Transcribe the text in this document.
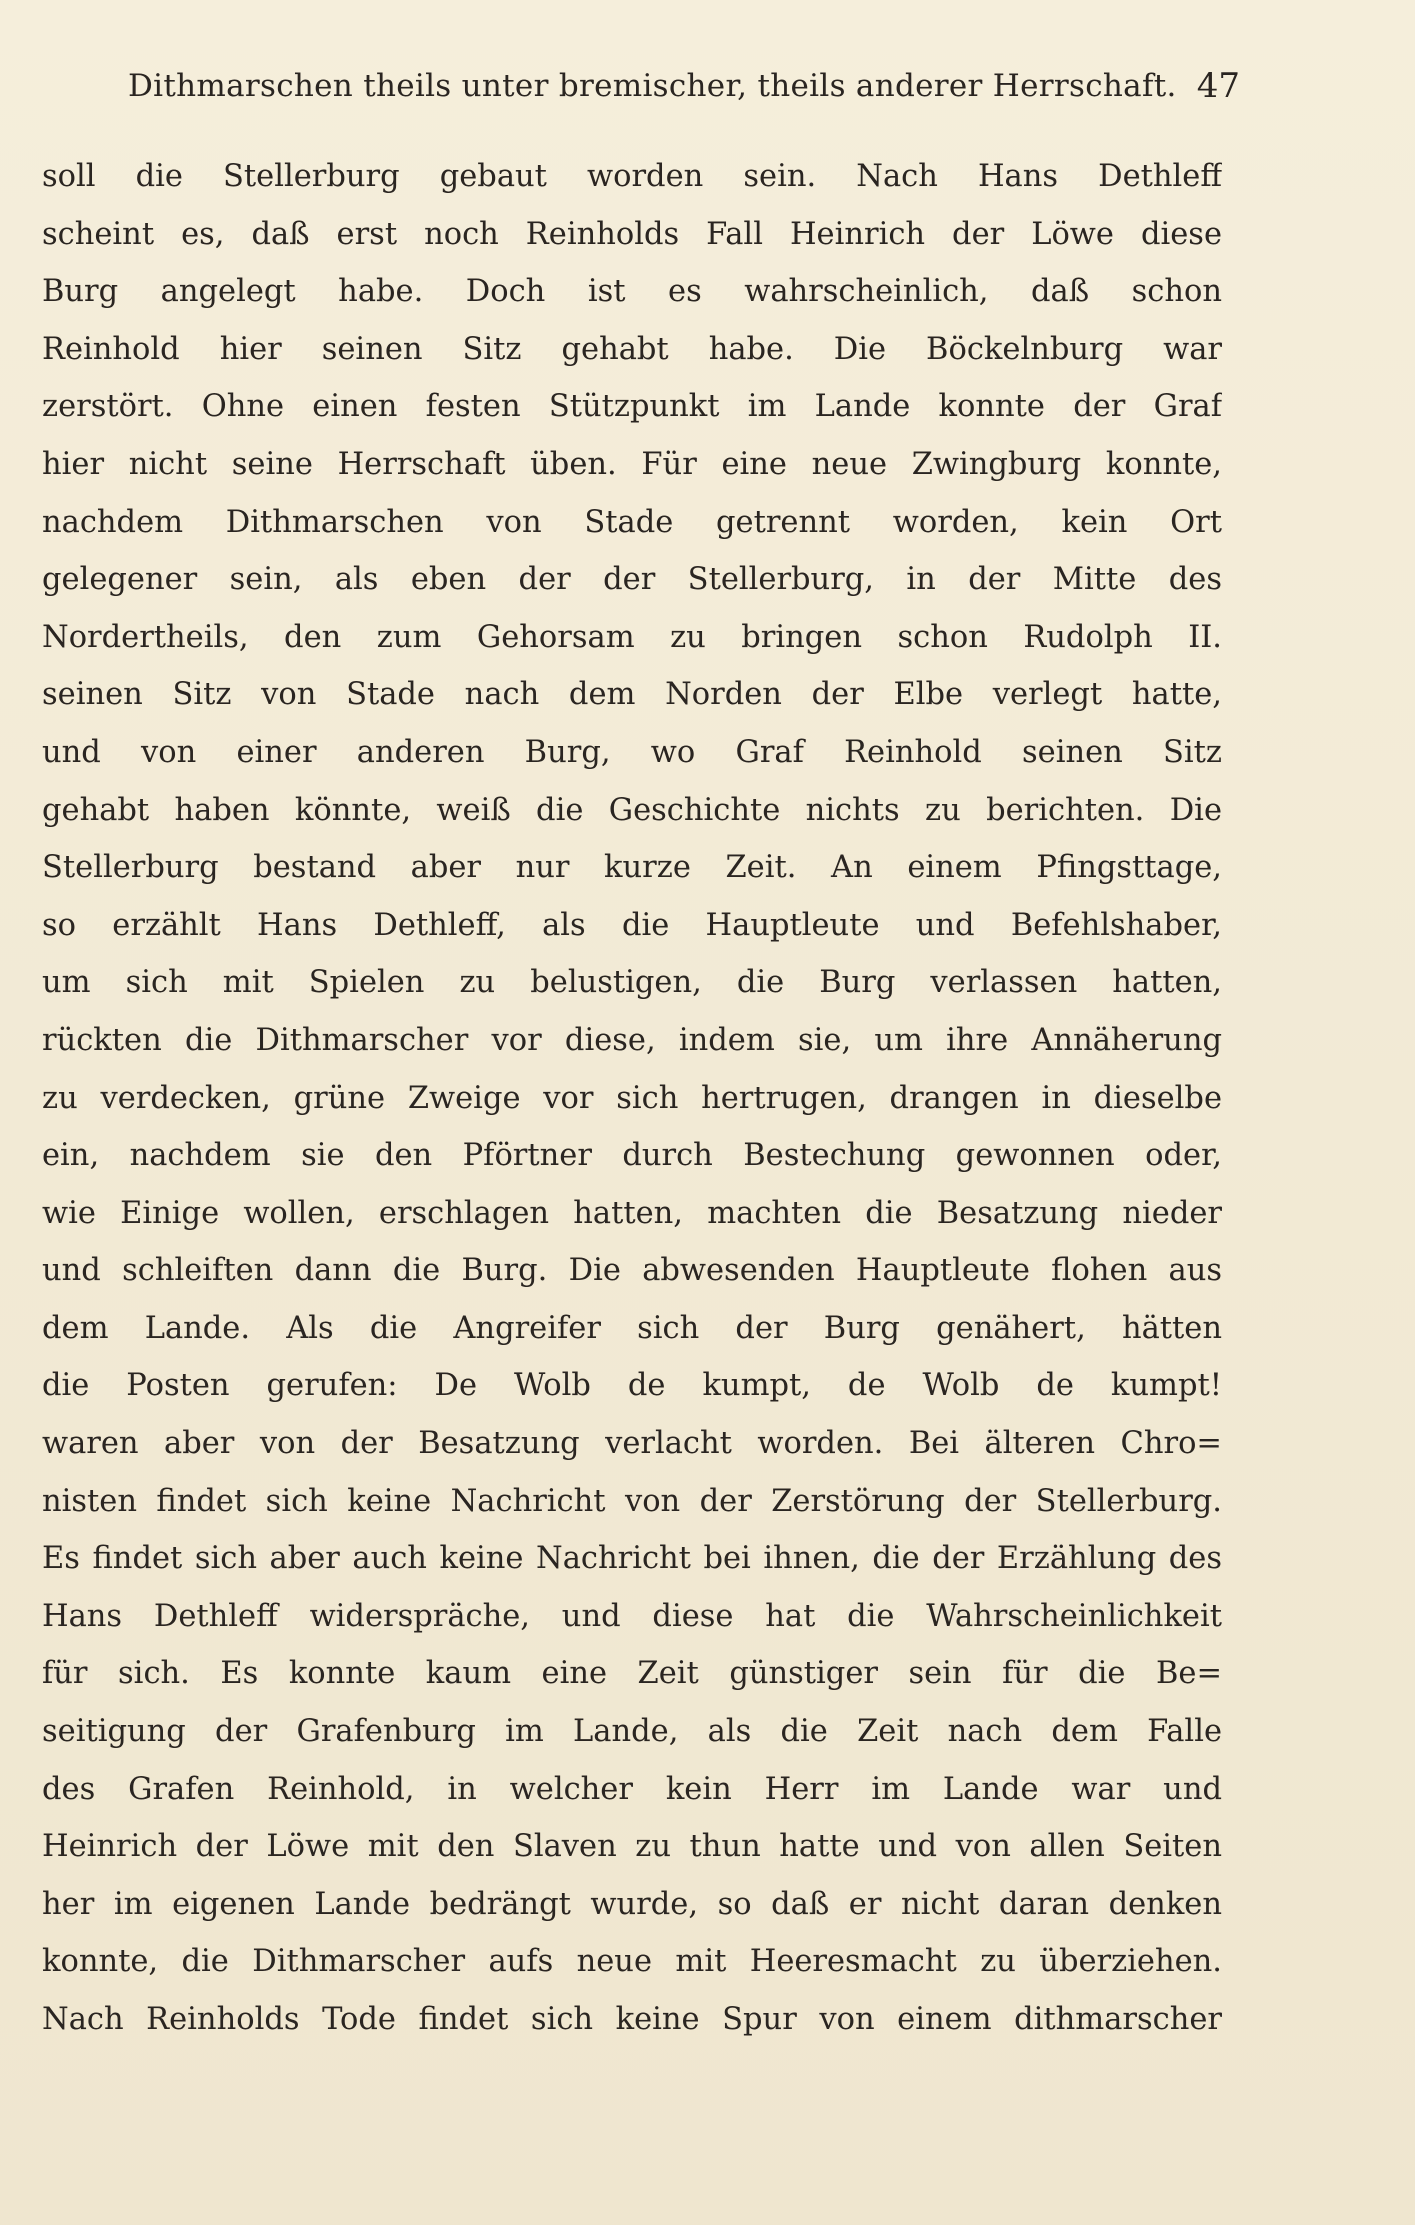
Dithmarschen theils unter bremischer, theils anderer Herrschaft. 47
soll die Stellerburg gebaut worden sein. Nach Hans Dethleff
scheint es, daß erst noch Reinholds Fall Heinrich der Löwe diese
Burg angelegt habe. Doch ist es wahrscheinlich, daß schon
Reinhold hier seinen Sitz gehabt habe. Die Böckelnburg war
zerstört. Ohne einen festen Stützpunkt im Lande konnte der Graf
hier nicht seine Herrschaft üben. Für eine neue Zwingburg konnte,
nachdem Dithmarschen von Stade getrennt worden, kein Ort
gelegener sein, als eben der der Stellerburg, in der Mitte des
Nordertheils, den zum Gehorsam zu bringen schon Rudolph II.
seinen Sitz von Stade nach dem Norden der Elbe verlegt hatte,
und von einer anderen Burg, wo Graf Reinhold seinen Sitz
gehabt haben könnte, weiß die Geschichte nichts zu berichten. Die
Stellerburg bestand aber nur kurze Zeit. An einem Pfingsttage,
so erzählt Hans Dethleff, als die Hauptleute und Befehlshaber,
um sich mit Spielen zu belustigen, die Burg verlassen hatten,
rückten die Dithmarscher vor diese, indem sie, um ihre Annäherung
zu verdecken, grüne Zweige vor sich hertrugen, drangen in dieselbe
ein, nachdem sie den Pförtner durch Bestechung gewonnen oder,
wie Einige wollen, erschlagen hatten, machten die Besatzung nieder
und schleiften dann die Burg. Die abwesenden Hauptleute flohen aus
dem Lande. Als die Angreifer sich der Burg genähert, hätten
die Posten gerufen: De Wolb de kumpt, de Wolb de kumpt!
waren aber von der Besatzung verlacht worden. Bei älteren Chro=
nisten findet sich keine Nachricht von der Zerstörung der Stellerburg.
Es findet sich aber auch keine Nachricht bei ihnen, die der Erzählung des
Hans Dethleff widerspräche, und diese hat die Wahrscheinlichkeit
für sich. Es konnte kaum eine Zeit günstiger sein für die Be=
seitigung der Grafenburg im Lande, als die Zeit nach dem Falle
des Grafen Reinhold, in welcher kein Herr im Lande war und
Heinrich der Löwe mit den Slaven zu thun hatte und von allen Seiten
her im eigenen Lande bedrängt wurde, so daß er nicht daran denken
konnte, die Dithmarscher aufs neue mit Heeresmacht zu überziehen.
Nach Reinholds Tode findet sich keine Spur von einem dithmarscher
